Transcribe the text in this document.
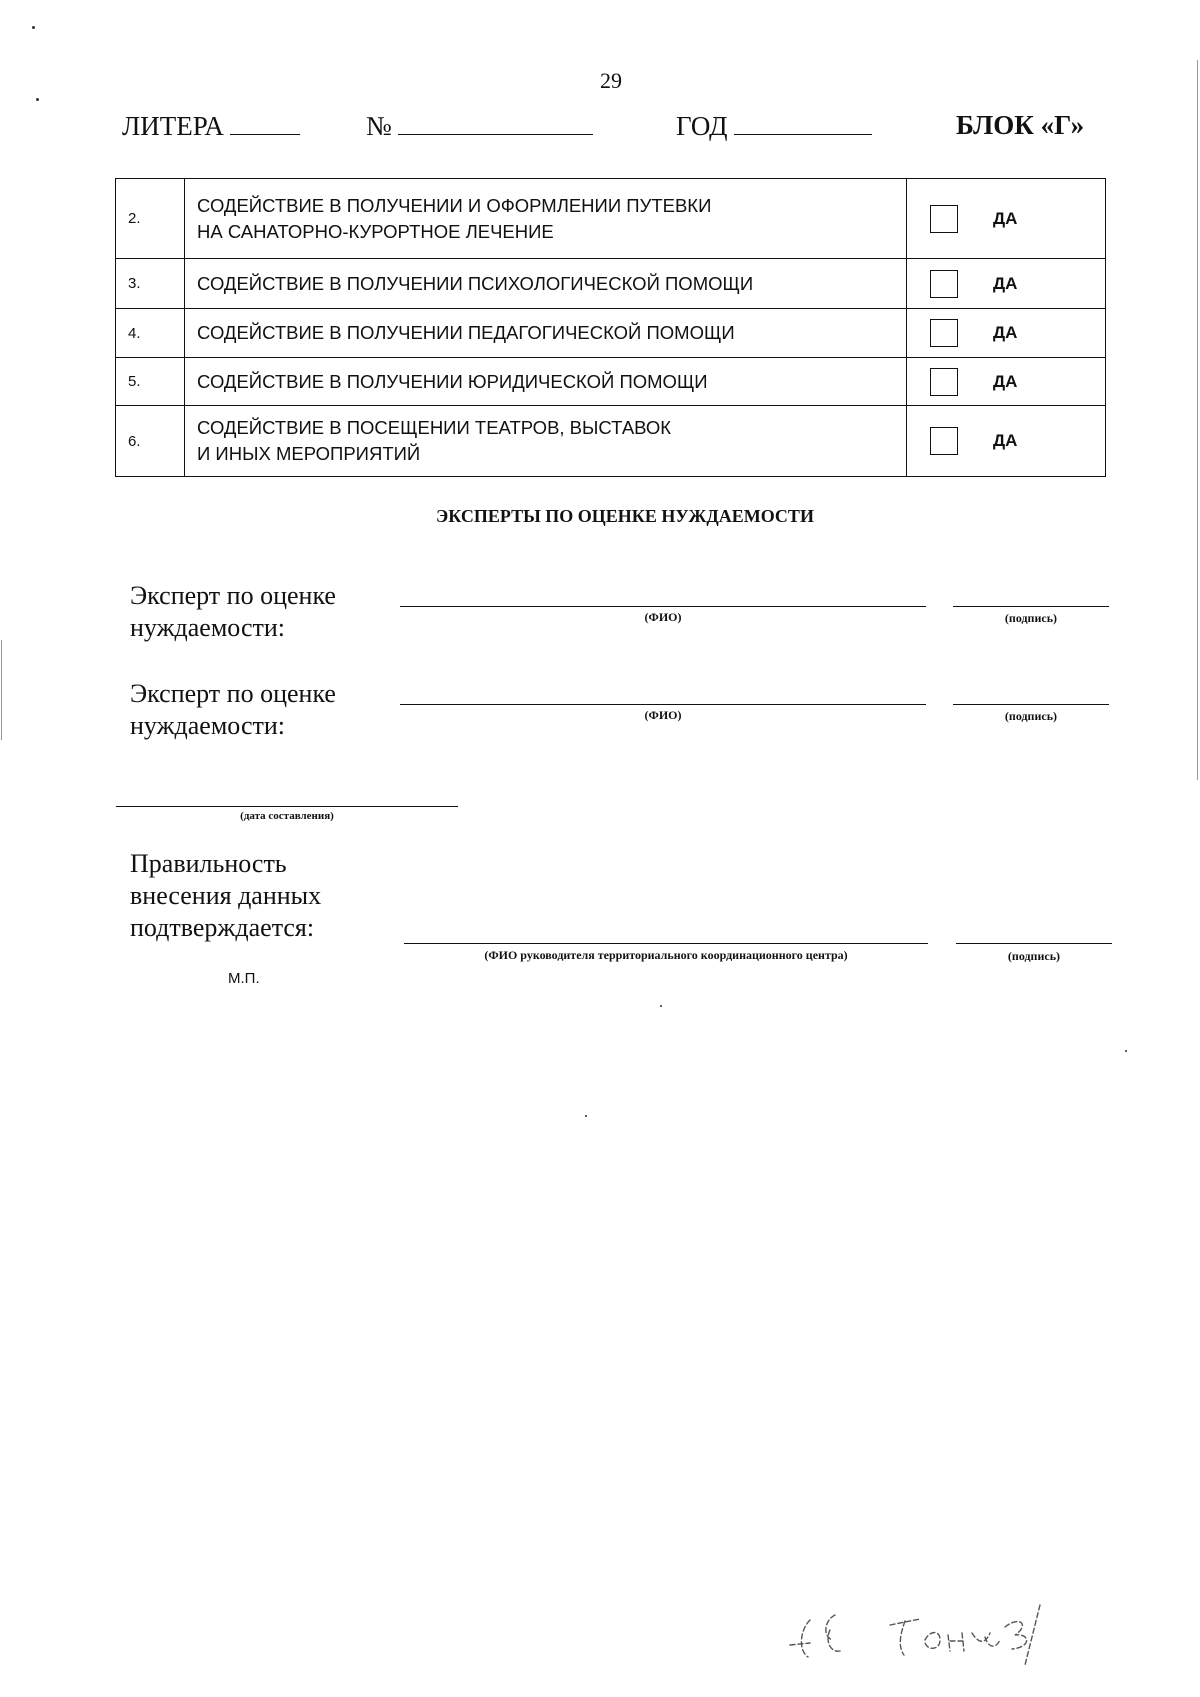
29
ЛИТЕРА	№	ГОД	БЛОК «Г»
2.	СОДЕЙСТВИЕ В ПОЛУЧЕНИИ И ОФОРМЛЕНИИ ПУТЕВКИ
НА САНАТОРНО-КУРОРТНОЕ ЛЕЧЕНИЕ	ДА

3.	СОДЕЙСТВИЕ В ПОЛУЧЕНИИ ПСИХОЛОГИЧЕСКОЙ ПОМОЩИ	ДА

4.	СОДЕЙСТВИЕ В ПОЛУЧЕНИИ ПЕДАГОГИЧЕСКОЙ ПОМОЩИ	ДА

5.	СОДЕЙСТВИЕ В ПОЛУЧЕНИИ ЮРИДИЧЕСКОЙ ПОМОЩИ	ДА

6.	СОДЕЙСТВИЕ В ПОСЕЩЕНИИ ТЕАТРОВ, ВЫСТАВОК
И ИНЫХ МЕРОПРИЯТИЙ	ДА
ЭКСПЕРТЫ ПО ОЦЕНКЕ НУЖДАЕМОСТИ
Эксперт по оценке
нуждаемости:	(ФИО)	(подпись)
Эксперт по оценке
нуждаемости:	(ФИО)	(подпись)
(дата составления)
Правильность
внесения данных
подтверждается:
(ФИО руководителя территориального координационного центра)	(подпись)
М.П.
